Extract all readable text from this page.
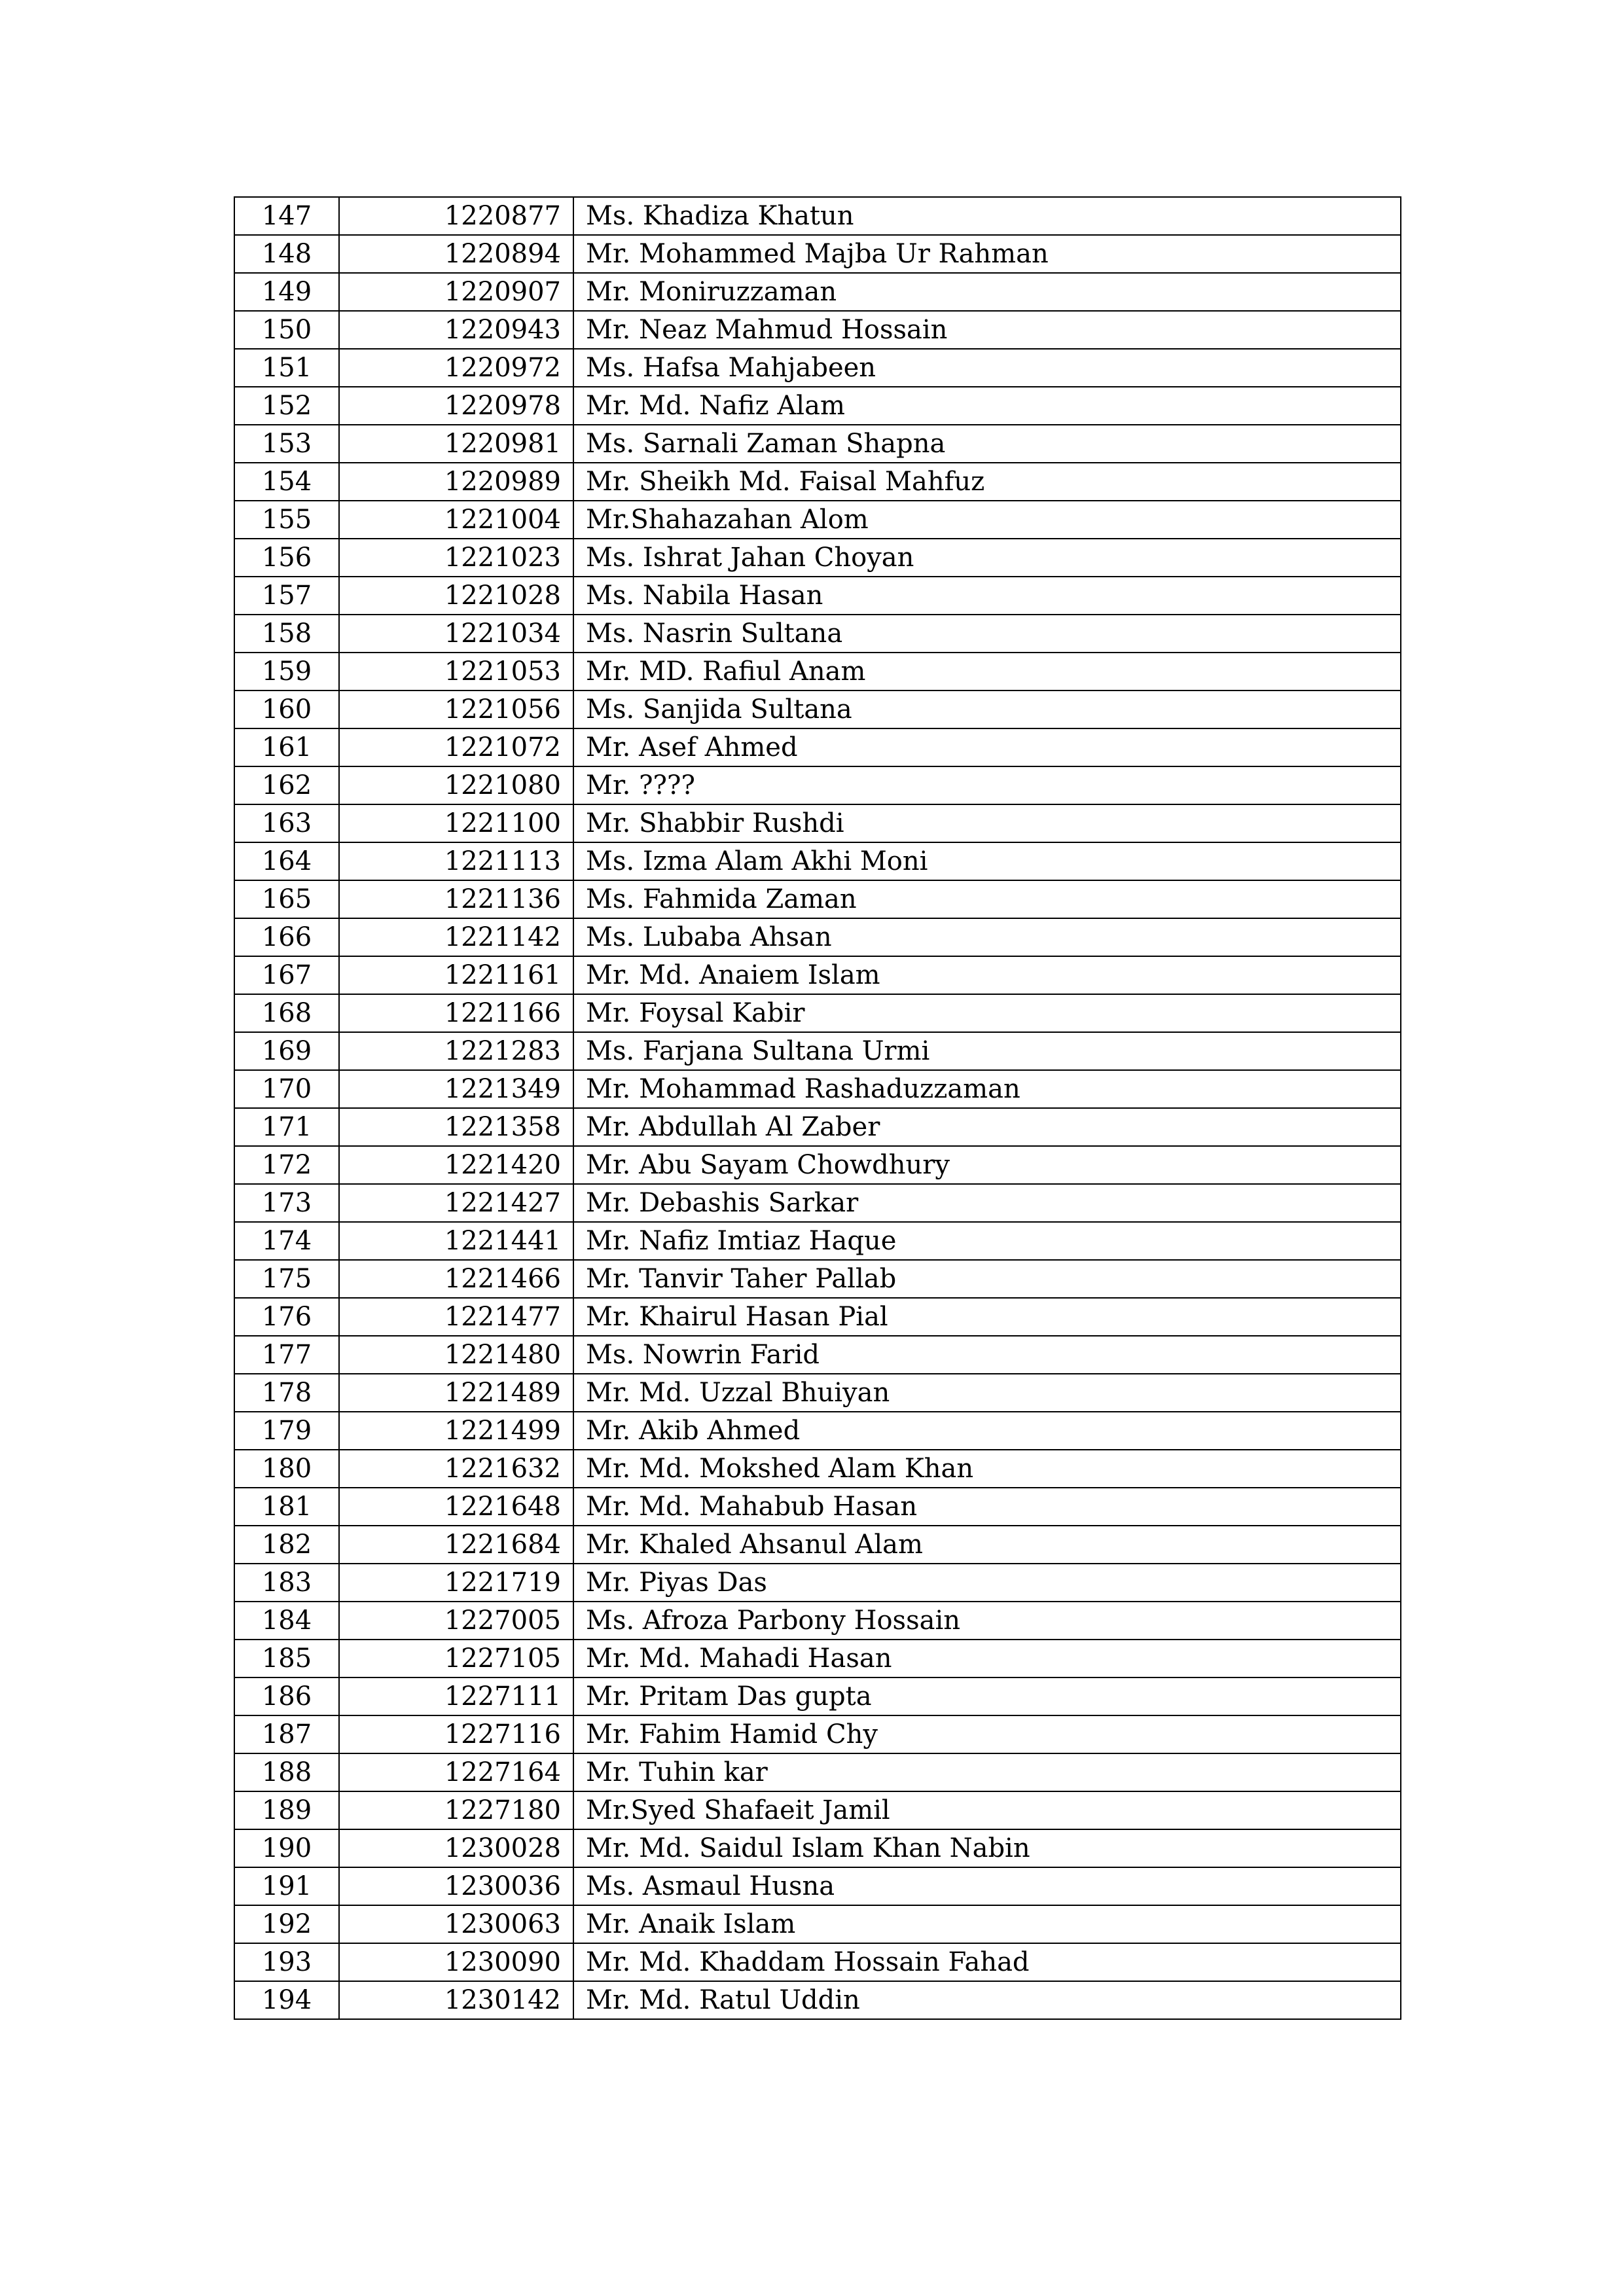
147	1220877	Ms. Khadiza Khatun
148	1220894	Mr. Mohammed Majba Ur Rahman
149	1220907	Mr. Moniruzzaman
150	1220943	Mr. Neaz Mahmud Hossain
151	1220972	Ms. Hafsa Mahjabeen
152	1220978	Mr. Md. Nafiz Alam
153	1220981	Ms. Sarnali Zaman Shapna
154	1220989	Mr. Sheikh Md. Faisal Mahfuz
155	1221004	Mr.Shahazahan Alom
156	1221023	Ms. Ishrat Jahan Choyan
157	1221028	Ms. Nabila Hasan
158	1221034	Ms. Nasrin Sultana
159	1221053	Mr. MD. Rafiul Anam
160	1221056	Ms. Sanjida Sultana
161	1221072	Mr. Asef Ahmed
162	1221080	Mr. ????
163	1221100	Mr. Shabbir Rushdi
164	1221113	Ms. Izma Alam Akhi Moni
165	1221136	Ms. Fahmida Zaman
166	1221142	Ms. Lubaba Ahsan
167	1221161	Mr. Md. Anaiem Islam
168	1221166	Mr. Foysal Kabir
169	1221283	Ms. Farjana Sultana Urmi
170	1221349	Mr. Mohammad Rashaduzzaman
171	1221358	Mr. Abdullah Al Zaber
172	1221420	Mr. Abu Sayam Chowdhury
173	1221427	Mr. Debashis Sarkar
174	1221441	Mr. Nafiz Imtiaz Haque
175	1221466	Mr. Tanvir Taher Pallab
176	1221477	Mr. Khairul Hasan Pial
177	1221480	Ms. Nowrin Farid
178	1221489	Mr. Md. Uzzal Bhuiyan
179	1221499	Mr. Akib Ahmed
180	1221632	Mr. Md. Mokshed Alam Khan
181	1221648	Mr. Md. Mahabub Hasan
182	1221684	Mr. Khaled Ahsanul Alam
183	1221719	Mr. Piyas Das
184	1227005	Ms. Afroza Parbony Hossain
185	1227105	Mr. Md. Mahadi Hasan
186	1227111	Mr. Pritam Das gupta
187	1227116	Mr. Fahim Hamid Chy
188	1227164	Mr. Tuhin kar
189	1227180	Mr.Syed Shafaeit Jamil
190	1230028	Mr. Md. Saidul Islam Khan Nabin
191	1230036	Ms. Asmaul Husna
192	1230063	Mr. Anaik Islam
193	1230090	Mr. Md. Khaddam Hossain Fahad
194	1230142	Mr. Md. Ratul Uddin
